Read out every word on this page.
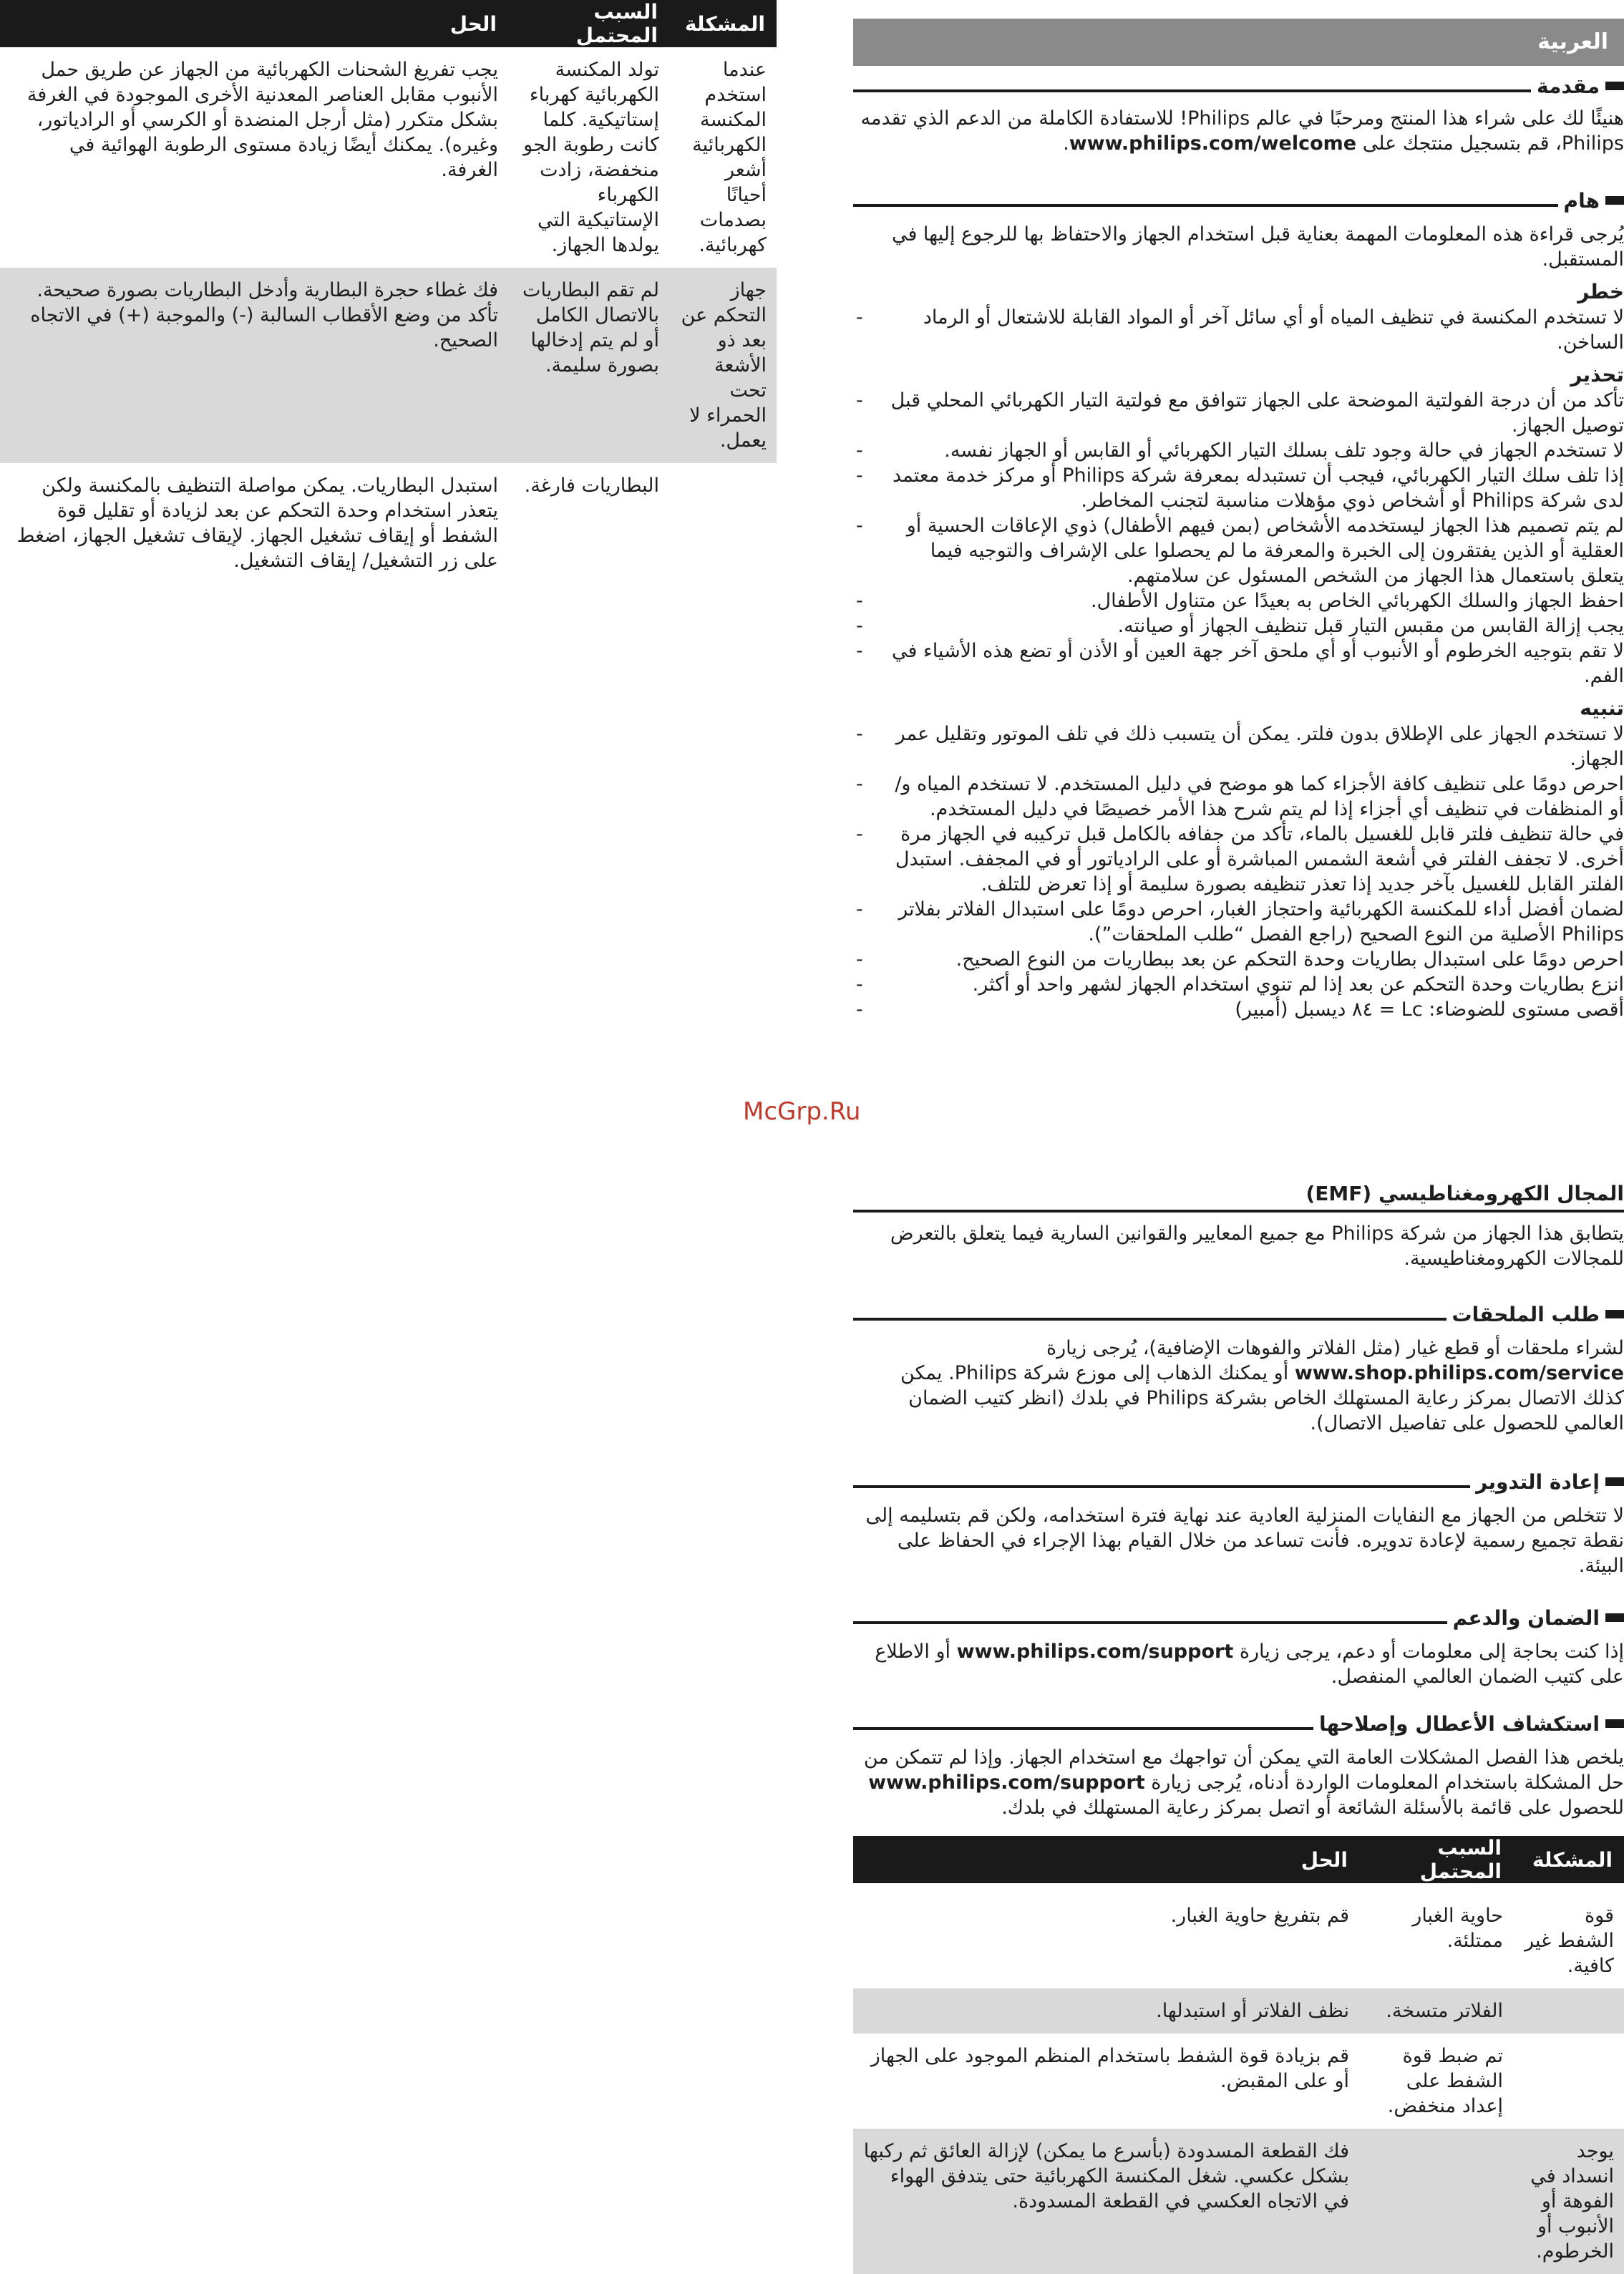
المشكلة	السبب المحتمل	الحل
عندما استخدم المكنسة الكهربائية أشعر أحيانًا بصدمات كهربائية.	تولد المكنسة الكهربائية كهرباء إستاتيكية. كلما كانت رطوبة الجو منخفضة، زادت الكهرباء الإستاتيكية التي يولدها الجهاز.	يجب تفريغ الشحنات الكهربائية من الجهاز عن طريق حمل الأنبوب مقابل العناصر المعدنية الأخرى الموجودة في الغرفة بشكل متكرر (مثل أرجل المنضدة أو الكرسي أو الرادياتور، وغيره). يمكنك أيضًا زيادة مستوى الرطوبة الهوائية في الغرفة.
جهاز التحكم عن بعد ذو الأشعة تحت الحمراء لا يعمل.	لم تقم البطاريات بالاتصال الكامل أو لم يتم إدخالها بصورة سليمة.	فك غطاء حجرة البطارية وأدخل البطاريات بصورة صحيحة. تأكد من وضع الأقطاب السالبة (-) والموجبة (+) في الاتجاه الصحيح.
	البطاريات فارغة.	استبدل البطاريات. يمكن مواصلة التنظيف بالمكنسة ولكن يتعذر استخدام وحدة التحكم عن بعد لزيادة أو تقليل قوة الشفط أو إيقاف تشغيل الجهاز. لإيقاف تشغيل الجهاز، اضغط على زر التشغيل/ إيقاف التشغيل.
McGrp.Ru
العربية
مقدمة

هنيئًا لك على شراء هذا المنتج ومرحبًا في عالم Philips! للاستفادة الكاملة من الدعم الذي تقدمه Philips، قم بتسجيل منتجك على www.philips.com/welcome.

هام

يُرجى قراءة هذه المعلومات المهمة بعناية قبل استخدام الجهاز والاحتفاظ بها للرجوع إليها في المستقبل.

خطر

لا تستخدم المكنسة في تنظيف المياه أو أي سائل آخر أو المواد القابلة للاشتعال أو الرماد الساخن. -

تحذير

تأكد من أن درجة الفولتية الموضحة على الجهاز تتوافق مع فولتية التيار الكهربائي المحلي قبل توصيل الجهاز. -
لا تستخدم الجهاز في حالة وجود تلف بسلك التيار الكهربائي أو القابس أو الجهاز نفسه. -
إذا تلف سلك التيار الكهربائي، فيجب أن تستبدله بمعرفة شركة Philips أو مركز خدمة معتمد لدى شركة Philips أو أشخاص ذوي مؤهلات مناسبة لتجنب المخاطر. -
لم يتم تصميم هذا الجهاز ليستخدمه الأشخاص (بمن فيهم الأطفال) ذوي الإعاقات الحسية أو العقلية أو الذين يفتقرون إلى الخبرة والمعرفة ما لم يحصلوا على الإشراف والتوجيه فيما يتعلق باستعمال هذا الجهاز من الشخص المسئول عن سلامتهم. -
احفظ الجهاز والسلك الكهربائي الخاص به بعيدًا عن متناول الأطفال. -
يجب إزالة القابس من مقبس التيار قبل تنظيف الجهاز أو صيانته. -
لا تقم بتوجيه الخرطوم أو الأنبوب أو أي ملحق آخر جهة العين أو الأذن أو تضع هذه الأشياء في الفم. -

تنبيه

لا تستخدم الجهاز على الإطلاق بدون فلتر. يمكن أن يتسبب ذلك في تلف الموتور وتقليل عمر الجهاز. -
احرص دومًا على تنظيف كافة الأجزاء كما هو موضح في دليل المستخدم. لا تستخدم المياه و/أو المنظفات في تنظيف أي أجزاء إذا لم يتم شرح هذا الأمر خصيصًا في دليل المستخدم. -
في حالة تنظيف فلتر قابل للغسيل بالماء، تأكد من جفافه بالكامل قبل تركيبه في الجهاز مرة أخرى. لا تجفف الفلتر في أشعة الشمس المباشرة أو على الرادياتور أو في المجفف. استبدل الفلتر القابل للغسيل بآخر جديد إذا تعذر تنظيفه بصورة سليمة أو إذا تعرض للتلف. -
لضمان أفضل أداء للمكنسة الكهربائية واحتجاز الغبار، احرص دومًا على استبدال الفلاتر بفلاتر Philips الأصلية من النوع الصحيح (راجع الفصل “طلب الملحقات”). -
احرص دومًا على استبدال بطاريات وحدة التحكم عن بعد ببطاريات من النوع الصحيح. -
انزع بطاريات وحدة التحكم عن بعد إذا لم تنوي استخدام الجهاز لشهر واحد أو أكثر. -
أقصى مستوى للضوضاء: Lc = ٨٤ ديسبل (أمبير) -

المجال الكهرومغناطيسي (EMF)

يتطابق هذا الجهاز من شركة Philips مع جميع المعايير والقوانين السارية فيما يتعلق بالتعرض للمجالات الكهرومغناطيسية.

طلب الملحقات

لشراء ملحقات أو قطع غيار (مثل الفلاتر والفوهات الإضافية)، يُرجى زيارة www.shop.philips.com/service أو يمكنك الذهاب إلى موزع شركة Philips. يمكن كذلك الاتصال بمركز رعاية المستهلك الخاص بشركة Philips في بلدك (انظر كتيب الضمان العالمي للحصول على تفاصيل الاتصال).

إعادة التدوير

لا تتخلص من الجهاز مع النفايات المنزلية العادية عند نهاية فترة استخدامه، ولكن قم بتسليمه إلى نقطة تجميع رسمية لإعادة تدويره. فأنت تساعد من خلال القيام بهذا الإجراء في الحفاظ على البيئة.

الضمان والدعم

إذا كنت بحاجة إلى معلومات أو دعم، يرجى زيارة www.philips.com/support أو الاطلاع على كتيب الضمان العالمي المنفصل.

استكشاف الأعطال وإصلاحها

يلخص هذا الفصل المشكلات العامة التي يمكن أن تواجهك مع استخدام الجهاز. وإذا لم تتمكن من حل المشكلة باستخدام المعلومات الواردة أدناه، يُرجى زيارة www.philips.com/support للحصول على قائمة بالأسئلة الشائعة أو اتصل بمركز رعاية المستهلك في بلدك.

المشكلة	السبب المحتمل	الحل
قوة الشفط غير كافية.	حاوية الغبار ممتلئة.	قم بتفريغ حاوية الغبار.
	الفلاتر متسخة.	نظف الفلاتر أو استبدلها.
	تم ضبط قوة الشفط على إعداد منخفض.	قم بزيادة قوة الشفط باستخدام المنظم الموجود على الجهاز أو على المقبض.
يوجد انسداد في الفوهة أو الأنبوب أو الخرطوم.		فك القطعة المسدودة (بأسرع ما يمكن) لإزالة العائق ثم ركبها بشكل عكسي. شغل المكنسة الكهربائية حتى يتدفق الهواء في الاتجاه العكسي في القطعة المسدودة.
